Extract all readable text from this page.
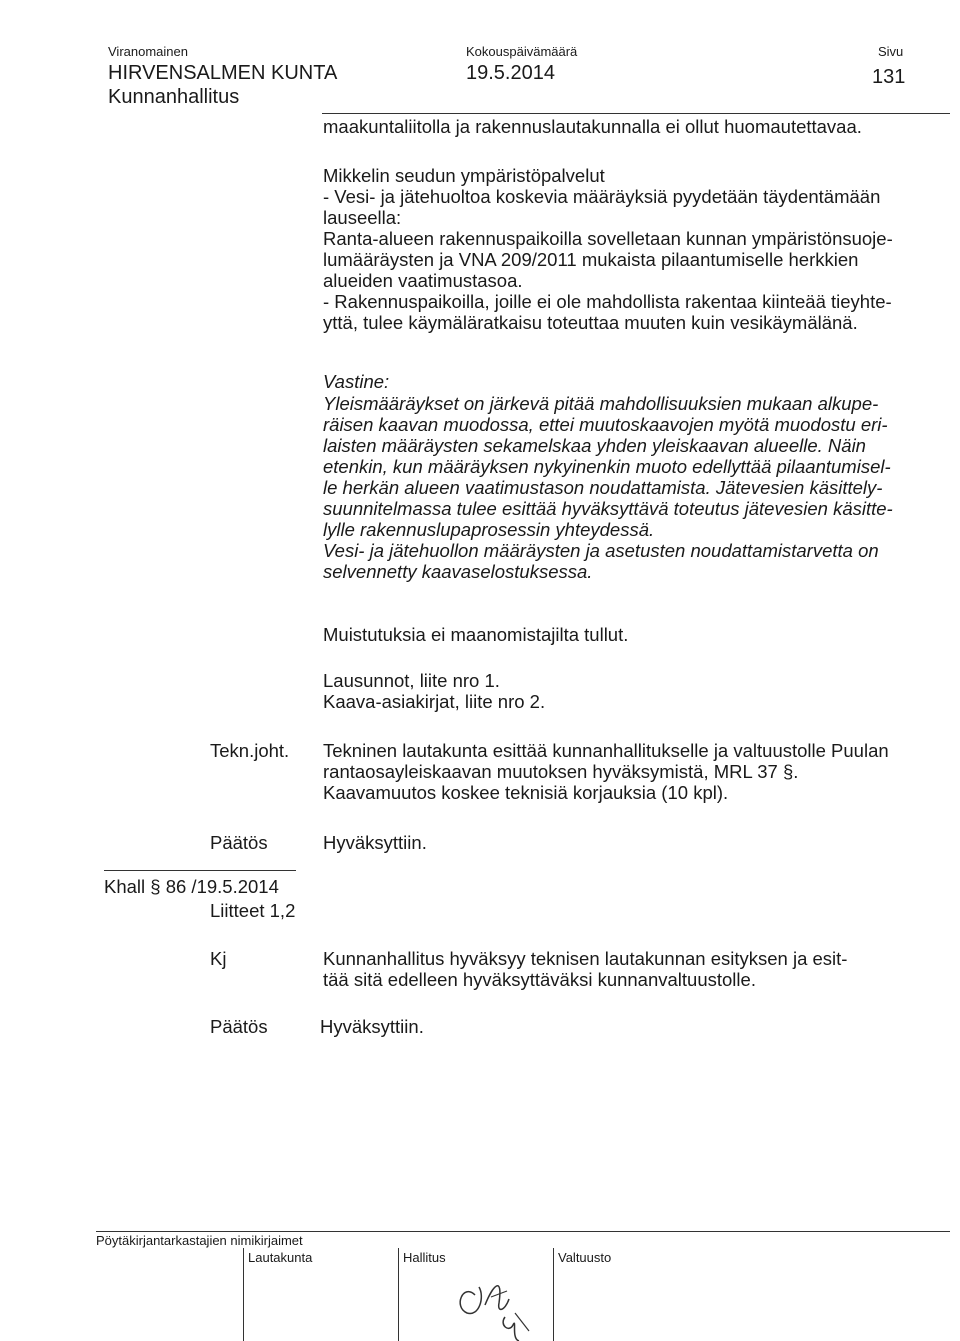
Viranomainen
HIRVENSALMEN KUNTA
Kunnanhallitus
Kokouspäivämäärä
19.5.2014
Sivu
131
maakuntaliitolla ja rakennuslautakunnalla ei ollut huomautettavaa.
Mikkelin seudun ympäristöpalvelut
- Vesi- ja jätehuoltoa koskevia määräyksiä pyydetään täydentämään
lauseella:
Ranta-alueen rakennuspaikoilla sovelletaan kunnan ympäristönsuoje-
lumääräysten ja VNA 209/2011 mukaista pilaantumiselle herkkien
alueiden vaatimustasoa.
- Rakennuspaikoilla, joille ei ole mahdollista rakentaa kiinteää tieyhte-
yttä, tulee käymäläratkaisu toteuttaa muuten kuin vesikäymälänä.
Vastine:
Yleismääräykset on järkevä pitää mahdollisuuksien mukaan alkupe-
räisen kaavan muodossa, ettei muutoskaavojen myötä muodostu eri-
laisten määräysten sekamelskaa yhden yleiskaavan alueelle. Näin
etenkin, kun määräyksen nykyinenkin muoto edellyttää pilaantumisel-
le herkän alueen vaatimustason noudattamista. Jätevesien käsittely-
suunnitelmassa tulee esittää hyväksyttävä toteutus jätevesien käsitte-
lylle rakennuslupaprosessin yhteydessä.
Vesi- ja jätehuollon määräysten ja asetusten noudattamistarvetta on
selvennetty kaavaselostuksessa.
Muistutuksia ei maanomistajilta tullut.
Lausunnot, liite nro 1.
Kaava-asiakirjat, liite nro 2.
Tekn.joht. Tekninen lautakunta esittää kunnanhallitukselle ja valtuustolle Puulan
rantaosayleiskaavan muutoksen hyväksymistä, MRL 37 §.
Kaavamuutos koskee teknisiä korjauksia (10 kpl).
Päätös	Hyväksyttiin.
Khall § 86 /19.5.2014
Liitteet 1,2
Kj	Kunnanhallitus hyväksyy teknisen lautakunnan esityksen ja esit-
tää sitä edelleen hyväksyttäväksi kunnanvaltuustolle.
Päätös	Hyväksyttiin.
Pöytäkirjantarkastajien nimikirjaimet
Lautakunta	Hallitus	Valtuusto
